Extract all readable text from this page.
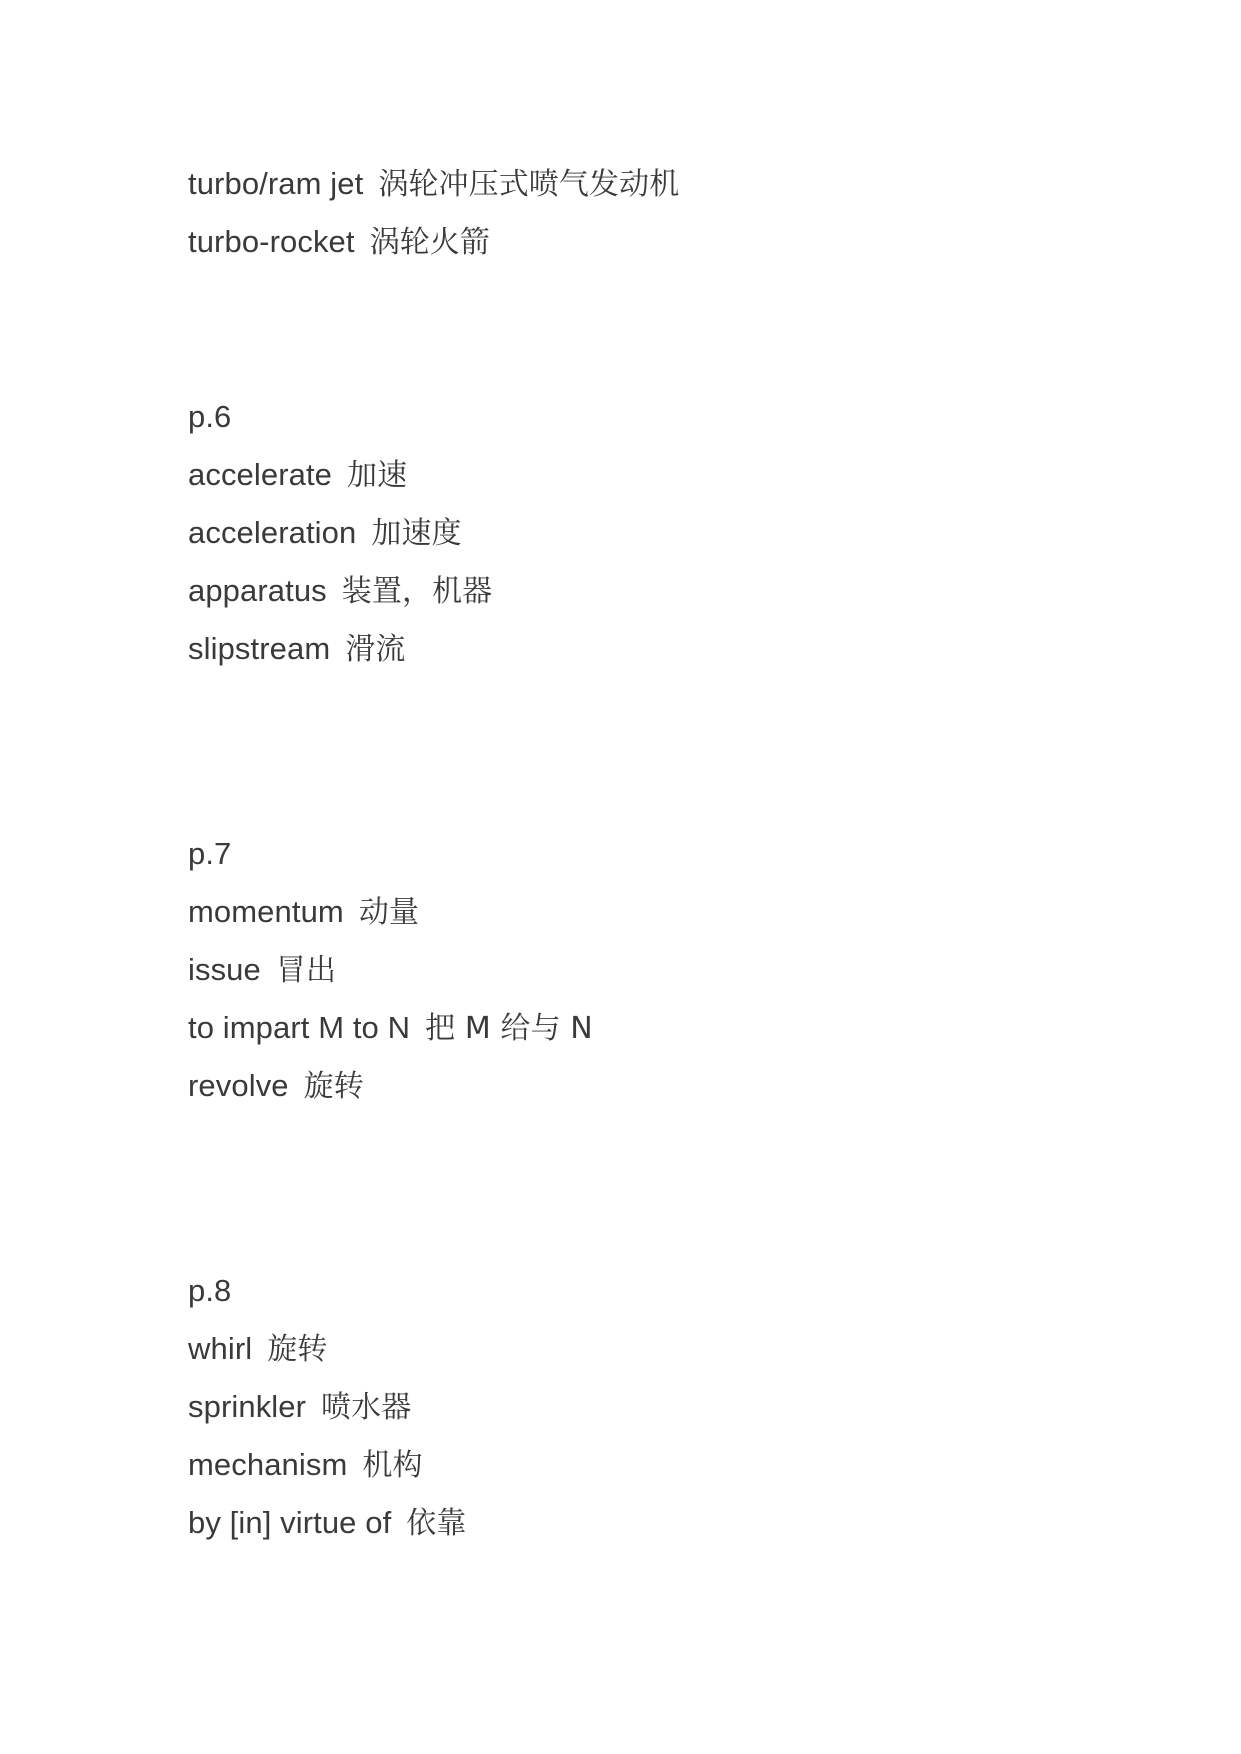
turbo/ram jet 涡轮冲压式喷气发动机
turbo-rocket 涡轮火箭
p.6
accelerate 加速
acceleration 加速度
apparatus 装置，机器
slipstream 滑流
p.7
momentum 动量
issue 冒出
to impart M to N 把 M 给与 N
revolve 旋转
p.8
whirl 旋转
sprinkler 喷水器
mechanism 机构
by [in] virtue of 依靠
